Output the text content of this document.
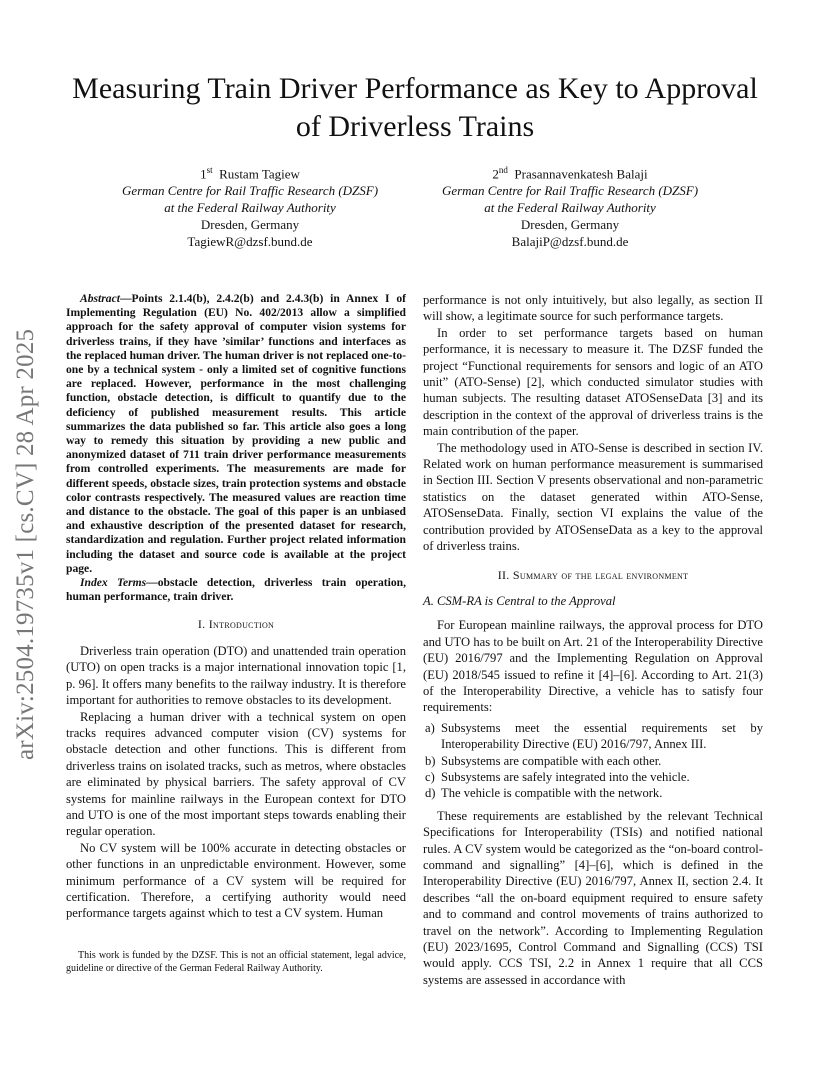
arXiv:2504.19735v1 [cs.CV] 28 Apr 2025
Measuring Train Driver Performance as Key to Approval of Driverless Trains
1st Rustam Tagiew
German Centre for Rail Traffic Research (DZSF)
at the Federal Railway Authority
Dresden, Germany
TagiewR@dzsf.bund.de
2nd Prasannavenkatesh Balaji
German Centre for Rail Traffic Research (DZSF)
at the Federal Railway Authority
Dresden, Germany
BalajiP@dzsf.bund.de

Abstract—Points 2.1.4(b), 2.4.2(b) and 2.4.3(b) in Annex I of Implementing Regulation (EU) No. 402/2013 allow a simplified approach for the safety approval of computer vision systems for driverless trains, if they have ’similar’ functions and interfaces as the replaced human driver. The human driver is not replaced one-to-one by a technical system - only a limited set of cognitive functions are replaced. However, performance in the most challenging function, obstacle detection, is difficult to quantify due to the deficiency of published measurement results. This article summarizes the data published so far. This article also goes a long way to remedy this situation by providing a new public and anonymized dataset of 711 train driver performance measurements from controlled experiments. The measurements are made for different speeds, obstacle sizes, train protection systems and obstacle color contrasts respectively. The measured values are reaction time and distance to the obstacle. The goal of this paper is an unbiased and exhaustive description of the presented dataset for research, standardization and regulation. Further project related information including the dataset and source code is available at the project page.

Index Terms—obstacle detection, driverless train operation, human performance, train driver.

I. Introduction

Driverless train operation (DTO) and unattended train operation (UTO) on open tracks is a major international innovation topic [1, p. 96]. It offers many benefits to the railway industry. It is therefore important for authorities to remove obstacles to its development.

Replacing a human driver with a technical system on open tracks requires advanced computer vision (CV) systems for obstacle detection and other functions. This is different from driverless trains on isolated tracks, such as metros, where obstacles are eliminated by physical barriers. The safety approval of CV systems for mainline railways in the European context for DTO and UTO is one of the most important steps towards enabling their regular operation.

No CV system will be 100% accurate in detecting obstacles or other functions in an unpredictable environment. However, some minimum performance of a CV system will be required for certification. Therefore, a certifying authority would need performance targets against which to test a CV system. Human

This work is funded by the DZSF. This is not an official statement, legal advice, guideline or directive of the German Federal Railway Authority.

performance is not only intuitively, but also legally, as section II will show, a legitimate source for such performance targets.

In order to set performance targets based on human performance, it is necessary to measure it. The DZSF funded the project “Functional requirements for sensors and logic of an ATO unit” (ATO-Sense) [2], which conducted simulator studies with human subjects. The resulting dataset ATOSenseData [3] and its description in the context of the approval of driverless trains is the main contribution of the paper.

The methodology used in ATO-Sense is described in section IV. Related work on human performance measurement is summarised in Section III. Section V presents observational and non-parametric statistics on the dataset generated within ATO-Sense, ATOSenseData. Finally, section VI explains the value of the contribution provided by ATOSenseData as a key to the approval of driverless trains.

II. Summary of the legal environment
A. CSM-RA is Central to the Approval

For European mainline railways, the approval process for DTO and UTO has to be built on Art. 21 of the Interoperability Directive (EU) 2016/797 and the Implementing Regulation on Approval (EU) 2018/545 issued to refine it [4]–[6]. According to Art. 21(3) of the Interoperability Directive, a vehicle has to satisfy four requirements:

a) Subsystems meet the essential requirements set by Interoperability Directive (EU) 2016/797, Annex III.
b) Subsystems are compatible with each other.
c) Subsystems are safely integrated into the vehicle.
d) The vehicle is compatible with the network.

These requirements are established by the relevant Technical Specifications for Interoperability (TSIs) and notified national rules. A CV system would be categorized as the “on-board control-command and signalling” [4]–[6], which is defined in the Interoperability Directive (EU) 2016/797, Annex II, section 2.4. It describes “all the on-board equipment required to ensure safety and to command and control movements of trains authorized to travel on the network”. According to Implementing Regulation (EU) 2023/1695, Control Command and Signalling (CCS) TSI would apply. CCS TSI, 2.2 in Annex 1 require that all CCS systems are assessed in accordance with
